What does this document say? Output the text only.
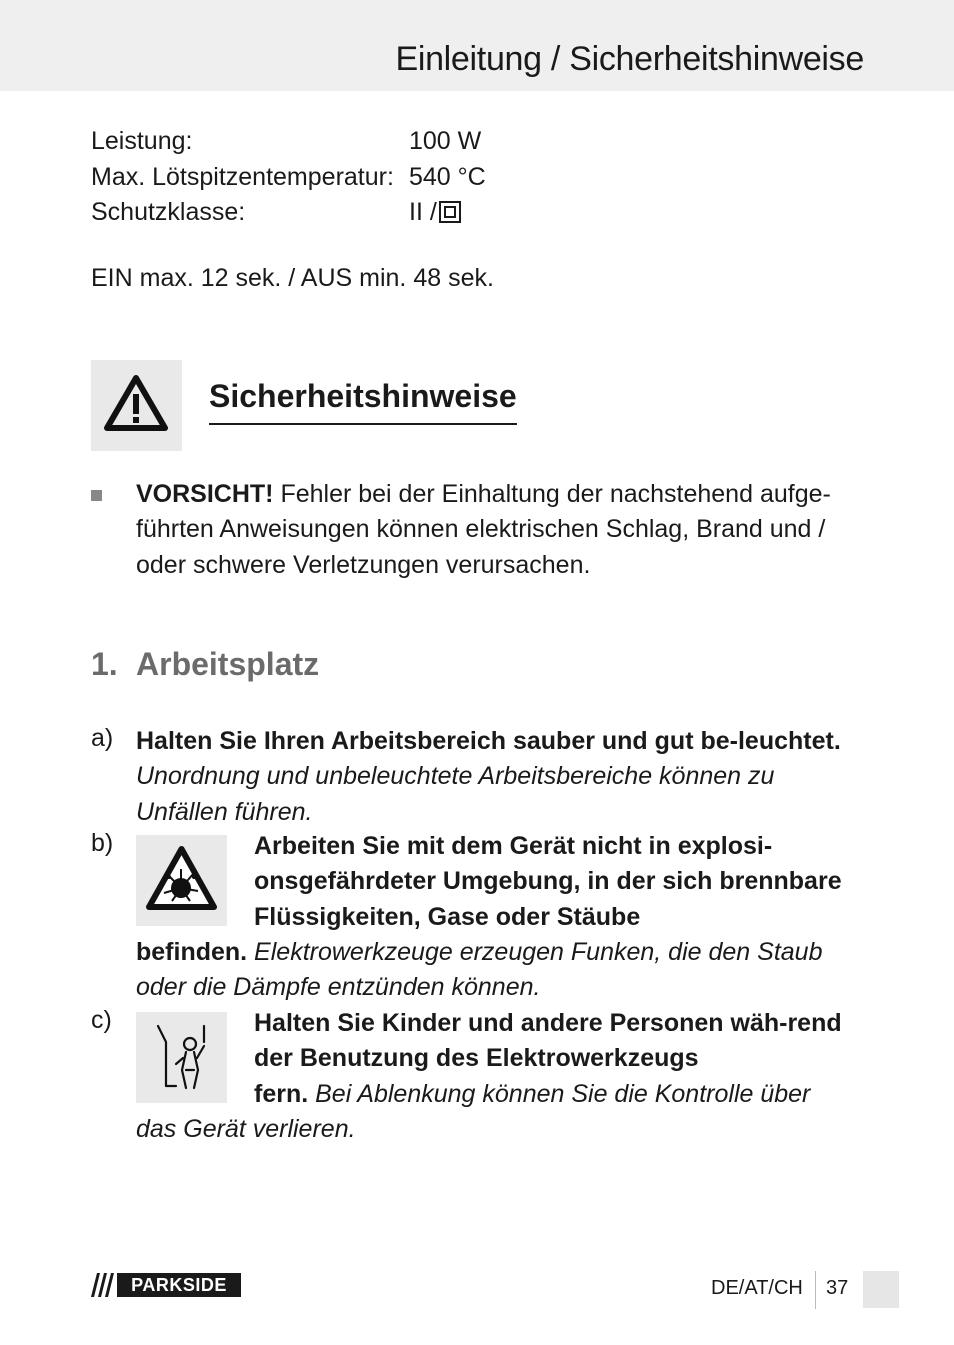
Einleitung / Sicherheitshinweise
Leistung:	100 W
Max. Lötspitzentemperatur: 540 °C
Schutzklasse:	II /
EIN max. 12 sek. / AUS min. 48 sek.
Sicherheitshinweise
VORSICHT! Fehler bei der Einhaltung der nachstehend aufge-führten Anweisungen können elektrischen Schlag, Brand und / oder schwere Verletzungen verursachen.
1. Arbeitsplatz
a) Halten Sie Ihren Arbeitsbereich sauber und gut be-leuchtet. Unordnung und unbeleuchtete Arbeitsbereiche können zu Unfällen führen.
b)	Arbeiten Sie mit dem Gerät nicht in explosi-onsgefährdeter Umgebung, in der sich brennbare Flüssigkeiten, Gase oder Stäube
befinden. Elektrowerkzeuge erzeugen Funken, die den Staub oder die Dämpfe entzünden können.
c)	Halten Sie Kinder und andere Personen wäh-rend der Benutzung des Elektrowerkzeugs
fern. Bei Ablenkung können Sie die Kontrolle über
das Gerät verlieren.
PARKSIDE	DE/AT/CH 37
